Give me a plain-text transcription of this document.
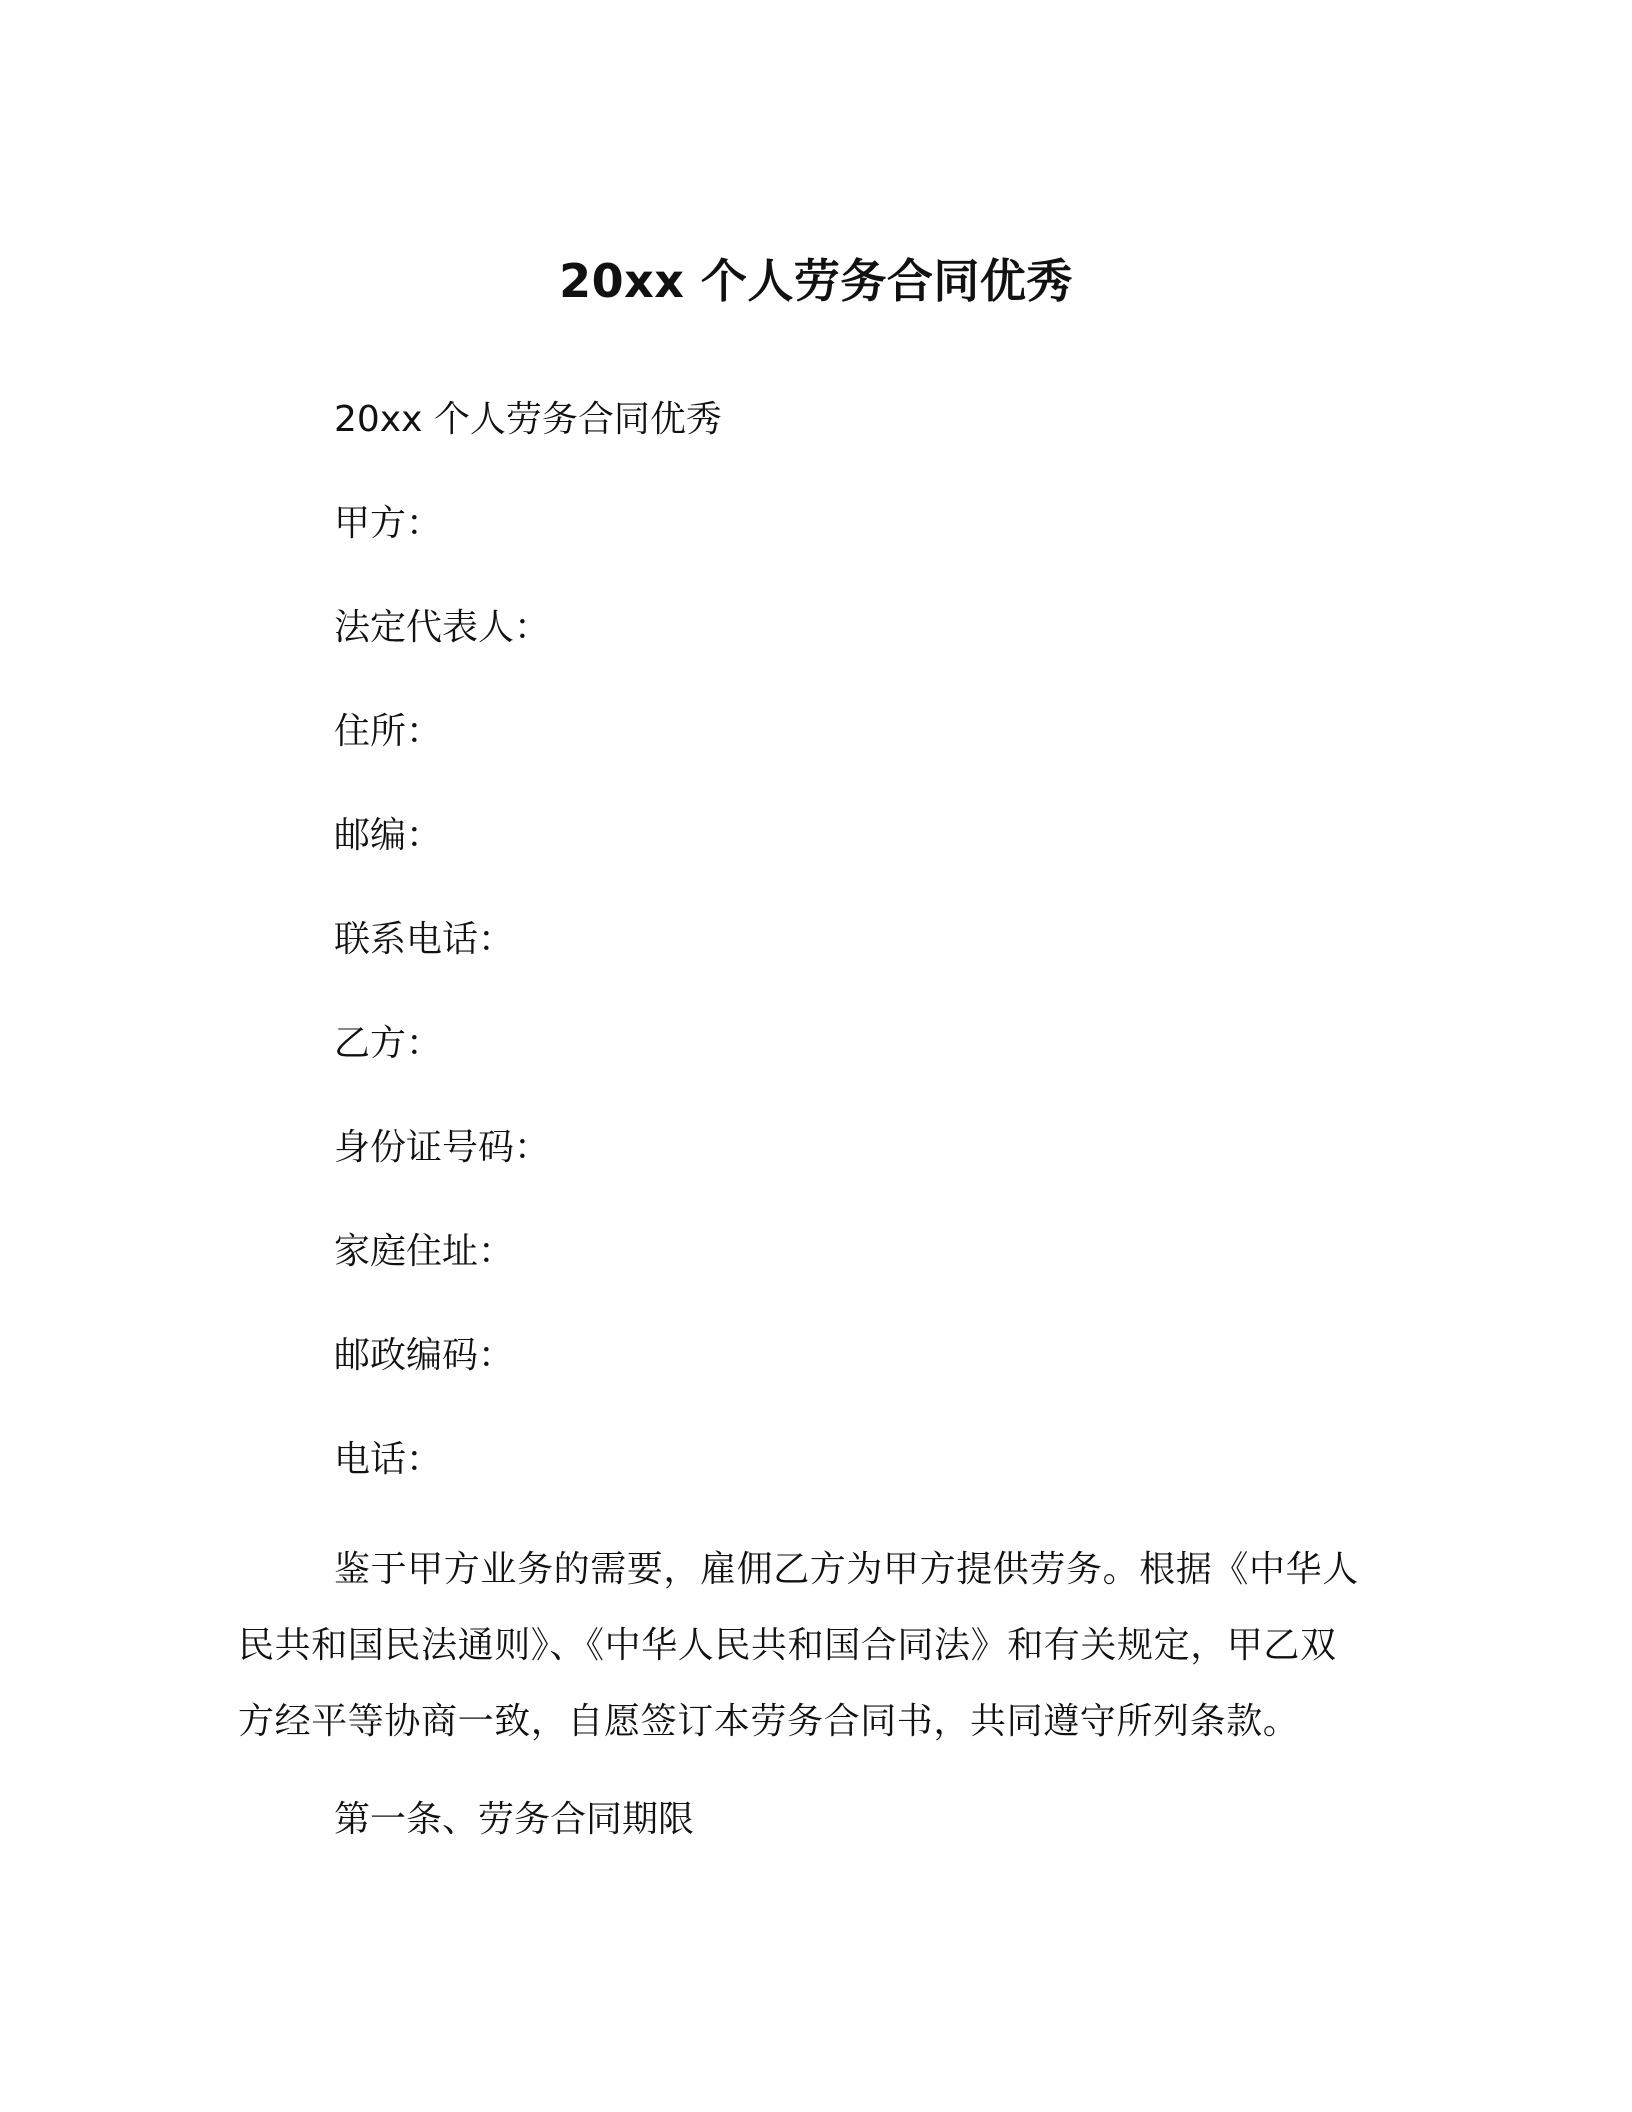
20xx 个人劳务合同优秀
20xx 个人劳务合同优秀
甲方：
法定代表人：
住所：
邮编：
联系电话：
乙方：
身份证号码：
家庭住址：
邮政编码：
电话：

鉴于甲方业务的需要，雇佣乙方为甲方提供劳务。根据《中华人民共和国民法通则》、《中华人民共和国合同法》和有关规定，甲乙双方经平等协商一致，自愿签订本劳务合同书，共同遵守所列条款。

第一条、劳务合同期限
